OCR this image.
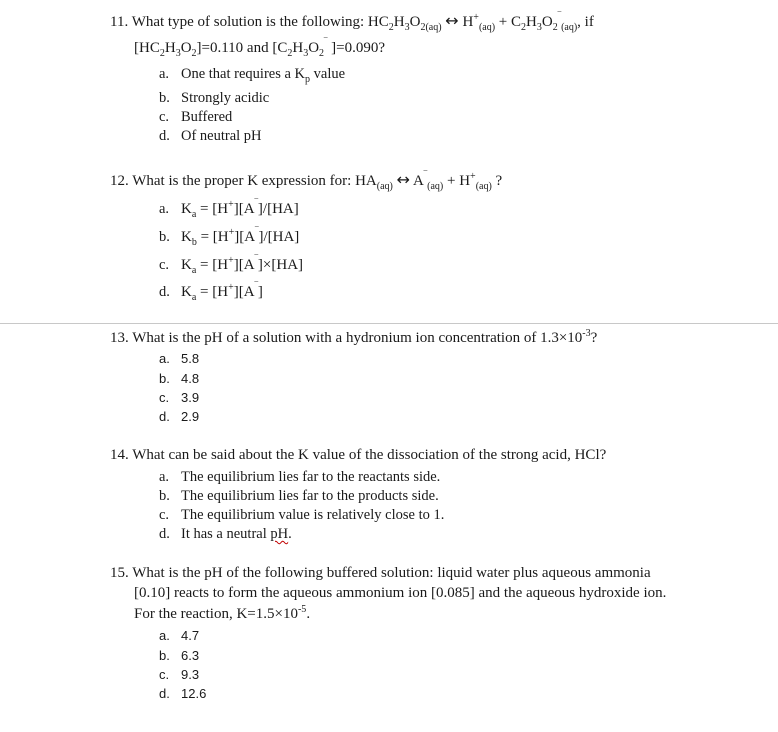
11. What type of solution is the following: $HC_2H_3O_{2(aq)}$ ↔ $H^+_{(aq)} + C_2H_3O_2^‾_{(aq)}$, if
$[HC_2H_3O_2]=0.110$ and [$C_2H_3O_2^‾$ ]=0.090?
a. One that requires a $K_p$ value
b. Strongly acidic
c. Buffered
d. Of neutral pH
12. What is the proper K expression for: $HA_{(aq)}$ ↔ $A^‾_{(aq)} + H^+_{(aq)}$ ?
a. $K_a = [H^+][A^‾]/[HA]$
b. $K_b = [H^+][A^‾]/[HA]$
c. $K_a = [H^+][A^‾]\times[HA]$
d. $K_a = [H^+][A^‾]$
13. What is the pH of a solution with a hydronium ion concentration of $1.3\times 10^{-3}$?
a. 5.8
b. 4.8
c. 3.9
d. 2.9
14. What can be said about the K value of the dissociation of the strong acid, HCl?
a. The equilibrium lies far to the reactants side.
b. The equilibrium lies far to the products side.
c. The equilibrium value is relatively close to 1.
d. It has a neutral pH.
15. What is the pH of the following buffered solution: liquid water plus aqueous ammonia
[0.10] reacts to form the aqueous ammonium ion [0.085] and the aqueous hydroxide ion.
For the reaction, $K=1.5\times 10^{-5}$.
a. 4.7
b. 6.3
c. 9.3
d. 12.6
